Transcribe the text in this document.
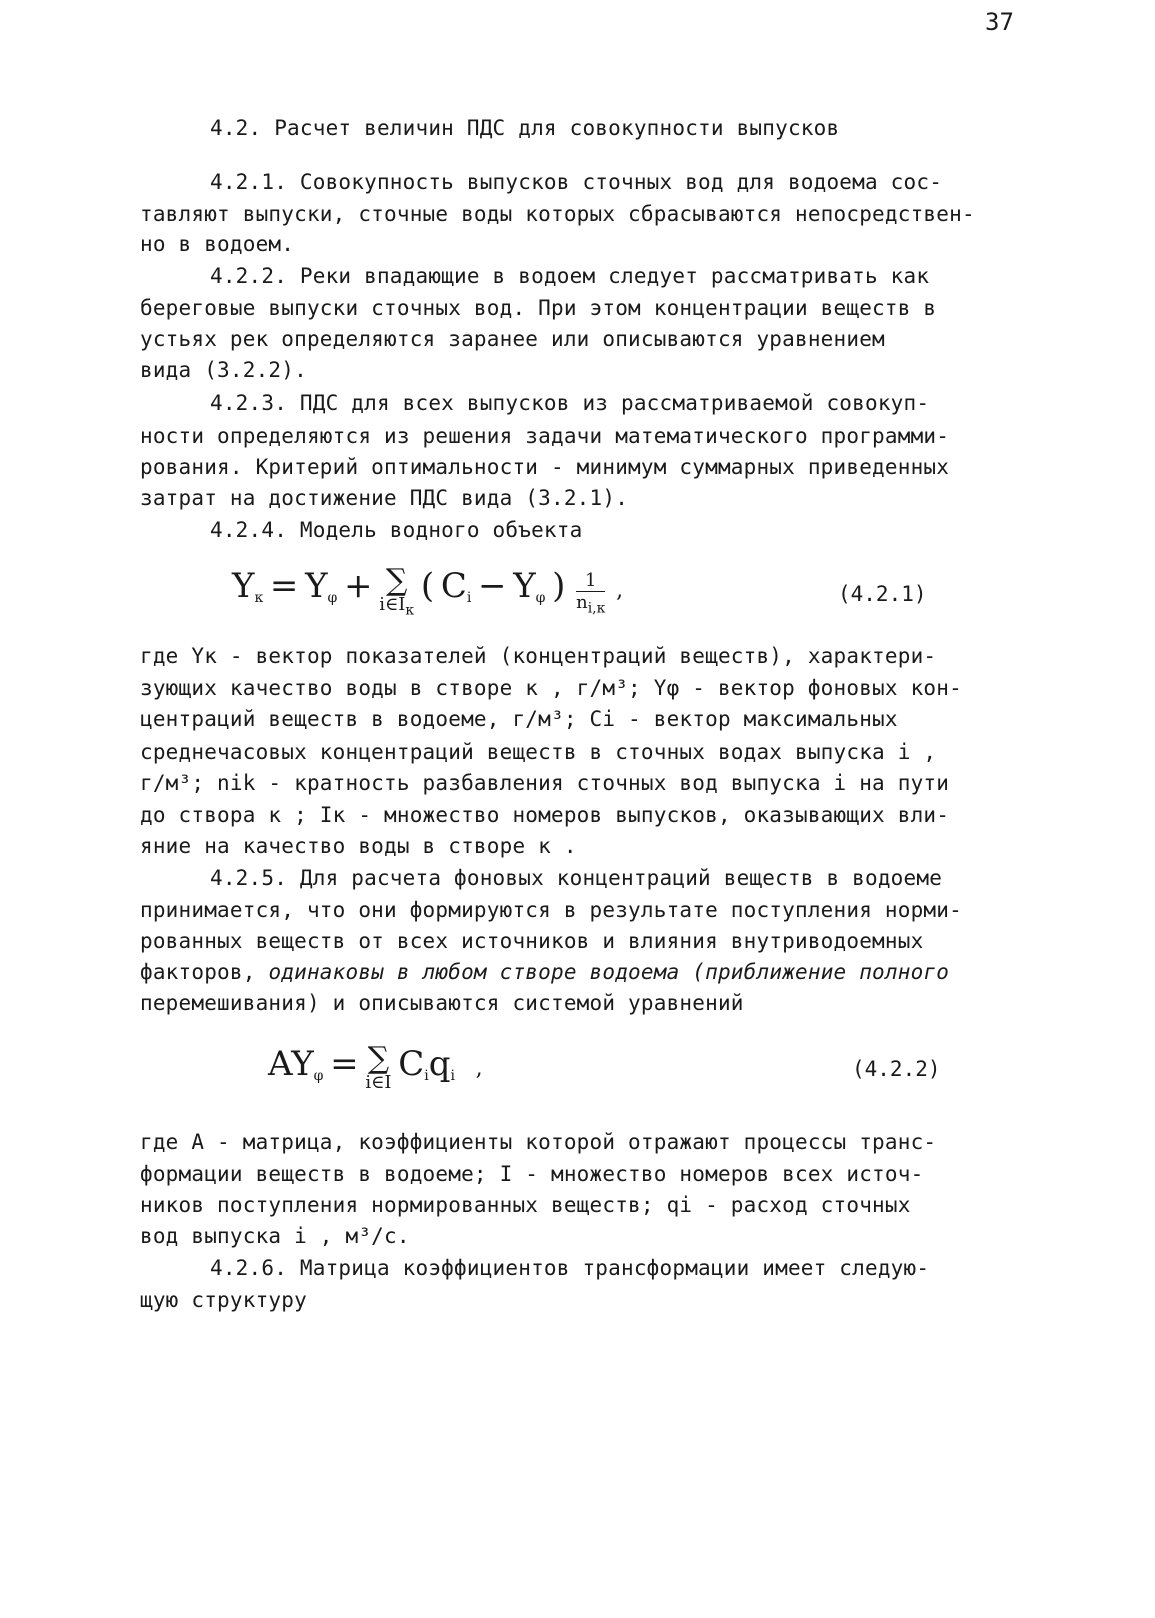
37
4.2. Расчет величин ПДС для совокупности выпусков
4.2.1. Совокупность выпусков сточных вод для водоема сос-
тавляют выпуски, сточные воды которых сбрасываются непосредствен-
но в водоем.
4.2.2. Реки впадающие в водоем следует рассматривать как
береговые выпуски сточных вод. При этом концентрации веществ в
устьях рек определяются заранее или описываются уравнением
вида (3.2.2).
4.2.3. ПДС для всех выпусков из рассматриваемой совокуп-
ности определяются из решения задачи математического программи-
рования. Критерий оптимальности - минимум суммарных приведенных
затрат на достижение ПДС вида (3.2.1).
4.2.4. Модель водного объекта
$Y_к = Y_\varphi$ + ∑
$i\in I_к$
( $C_i - Y_\varphi$ ) $\frac{1}{n_{i,к}}$ ,	(4.2.1)
где Yк - вектор показателей (концентраций веществ), характери-
зующих качество воды в створе к , г/м³; Yφ - вектор фоновых кон-
центраций веществ в водоеме, г/м³; Ci - вектор максимальных
среднечасовых концентраций веществ в сточных водах выпуска i ,
г/м³; nik - кратность разбавления сточных вод выпуска i на пути
до створа к ; Iк - множество номеров выпусков, оказывающих вли-
яние на качество воды в створе к .
4.2.5. Для расчета фоновых концентраций веществ в водоеме
принимается, что они формируются в результате поступления норми-
рованных веществ от всех источников и влияния внутриводоемных
факторов, одинаковы в любом створе водоема (приближение полного
перемешивания) и описываются системой уравнений
$AY_\varphi$ = ∑
i∈I $C_iq_i$ ,	(4.2.2)
где A - матрица, коэффициенты которой отражают процессы транс-
формации веществ в водоеме; I - множество номеров всех источ-
ников поступления нормированных веществ; qi - расход сточных
вод выпуска i , м³/с.
4.2.6. Матрица коэффициентов трансформации имеет следую-
щую структуру
